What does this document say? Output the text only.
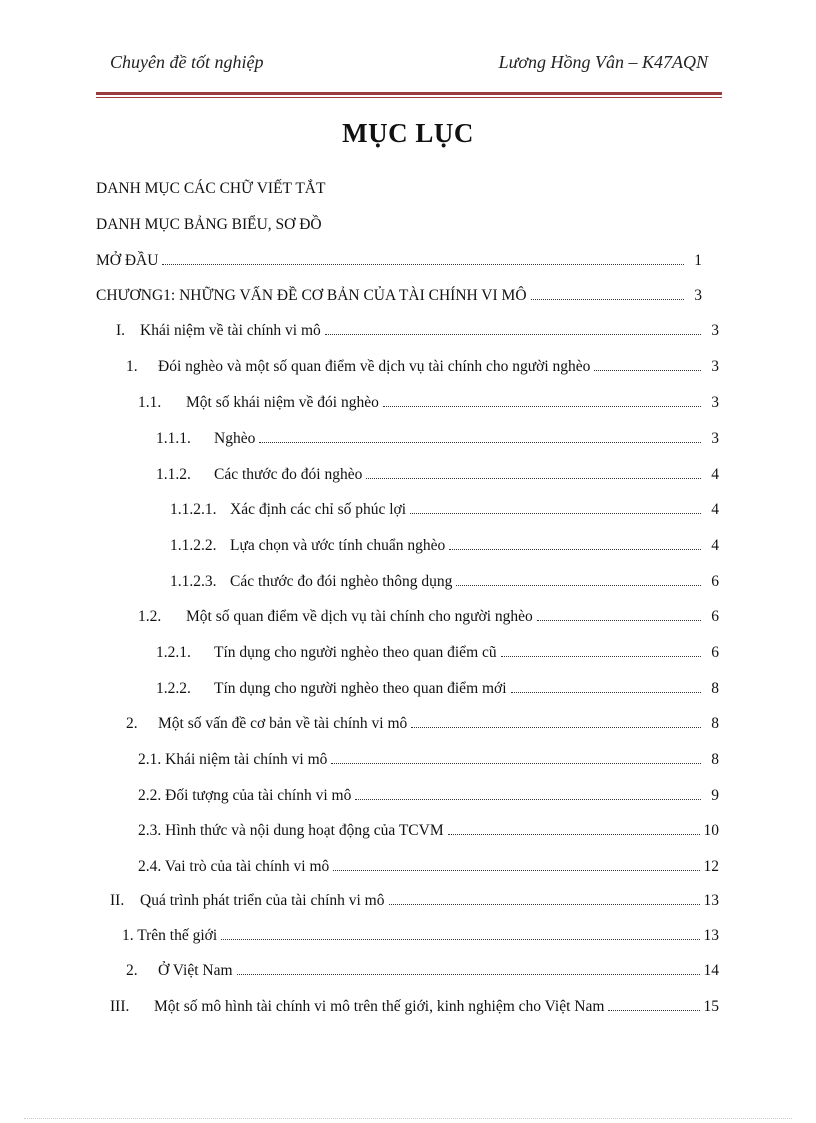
Chuyên đề tốt nghiệp	Lương Hồng Vân – K47AQN
MỤC LỤC
DANH MỤC CÁC CHỮ VIẾT TẮT
DANH MỤC BẢNG BIỂU, SƠ ĐỒ
MỞ ĐẦU	1
CHƯƠNG1: NHỮNG VẤN ĐỀ CƠ BẢN CỦA TÀI CHÍNH VI MÔ	3
I. Khái niệm về tài chính vi mô	3
1.	Đói nghèo và một số quan điểm về dịch vụ tài chính cho người nghèo	3
1.1.	Một số khái niệm về đói nghèo	3
1.1.1.	Nghèo	3
1.1.2.	Các thước đo đói nghèo	4
1.1.2.1. Xác định các chỉ số phúc lợi	4
1.1.2.2. Lựa chọn và ước tính chuẩn nghèo	4
1.1.2.3. Các thước đo đói nghèo thông dụng	6
1.2.	Một số quan điểm về dịch vụ tài chính cho người nghèo	6
1.2.1.	Tín dụng cho người nghèo theo quan điểm cũ	6
1.2.2.	Tín dụng cho người nghèo theo quan điểm mới	8
2.	Một số vấn đề cơ bản về tài chính vi mô	8
2.1. Khái niệm tài chính vi mô	8
2.2. Đối tượng của tài chính vi mô	9
2.3. Hình thức và nội dung hoạt động của TCVM	10
2.4. Vai trò của tài chính vi mô	12
II.	Quá trình phát triển của tài chính vi mô	13
1. Trên thế giới	13
2.	Ở Việt Nam	14
III.	Một số mô hình tài chính vi mô trên thế giới, kinh nghiệm cho Việt Nam	15
